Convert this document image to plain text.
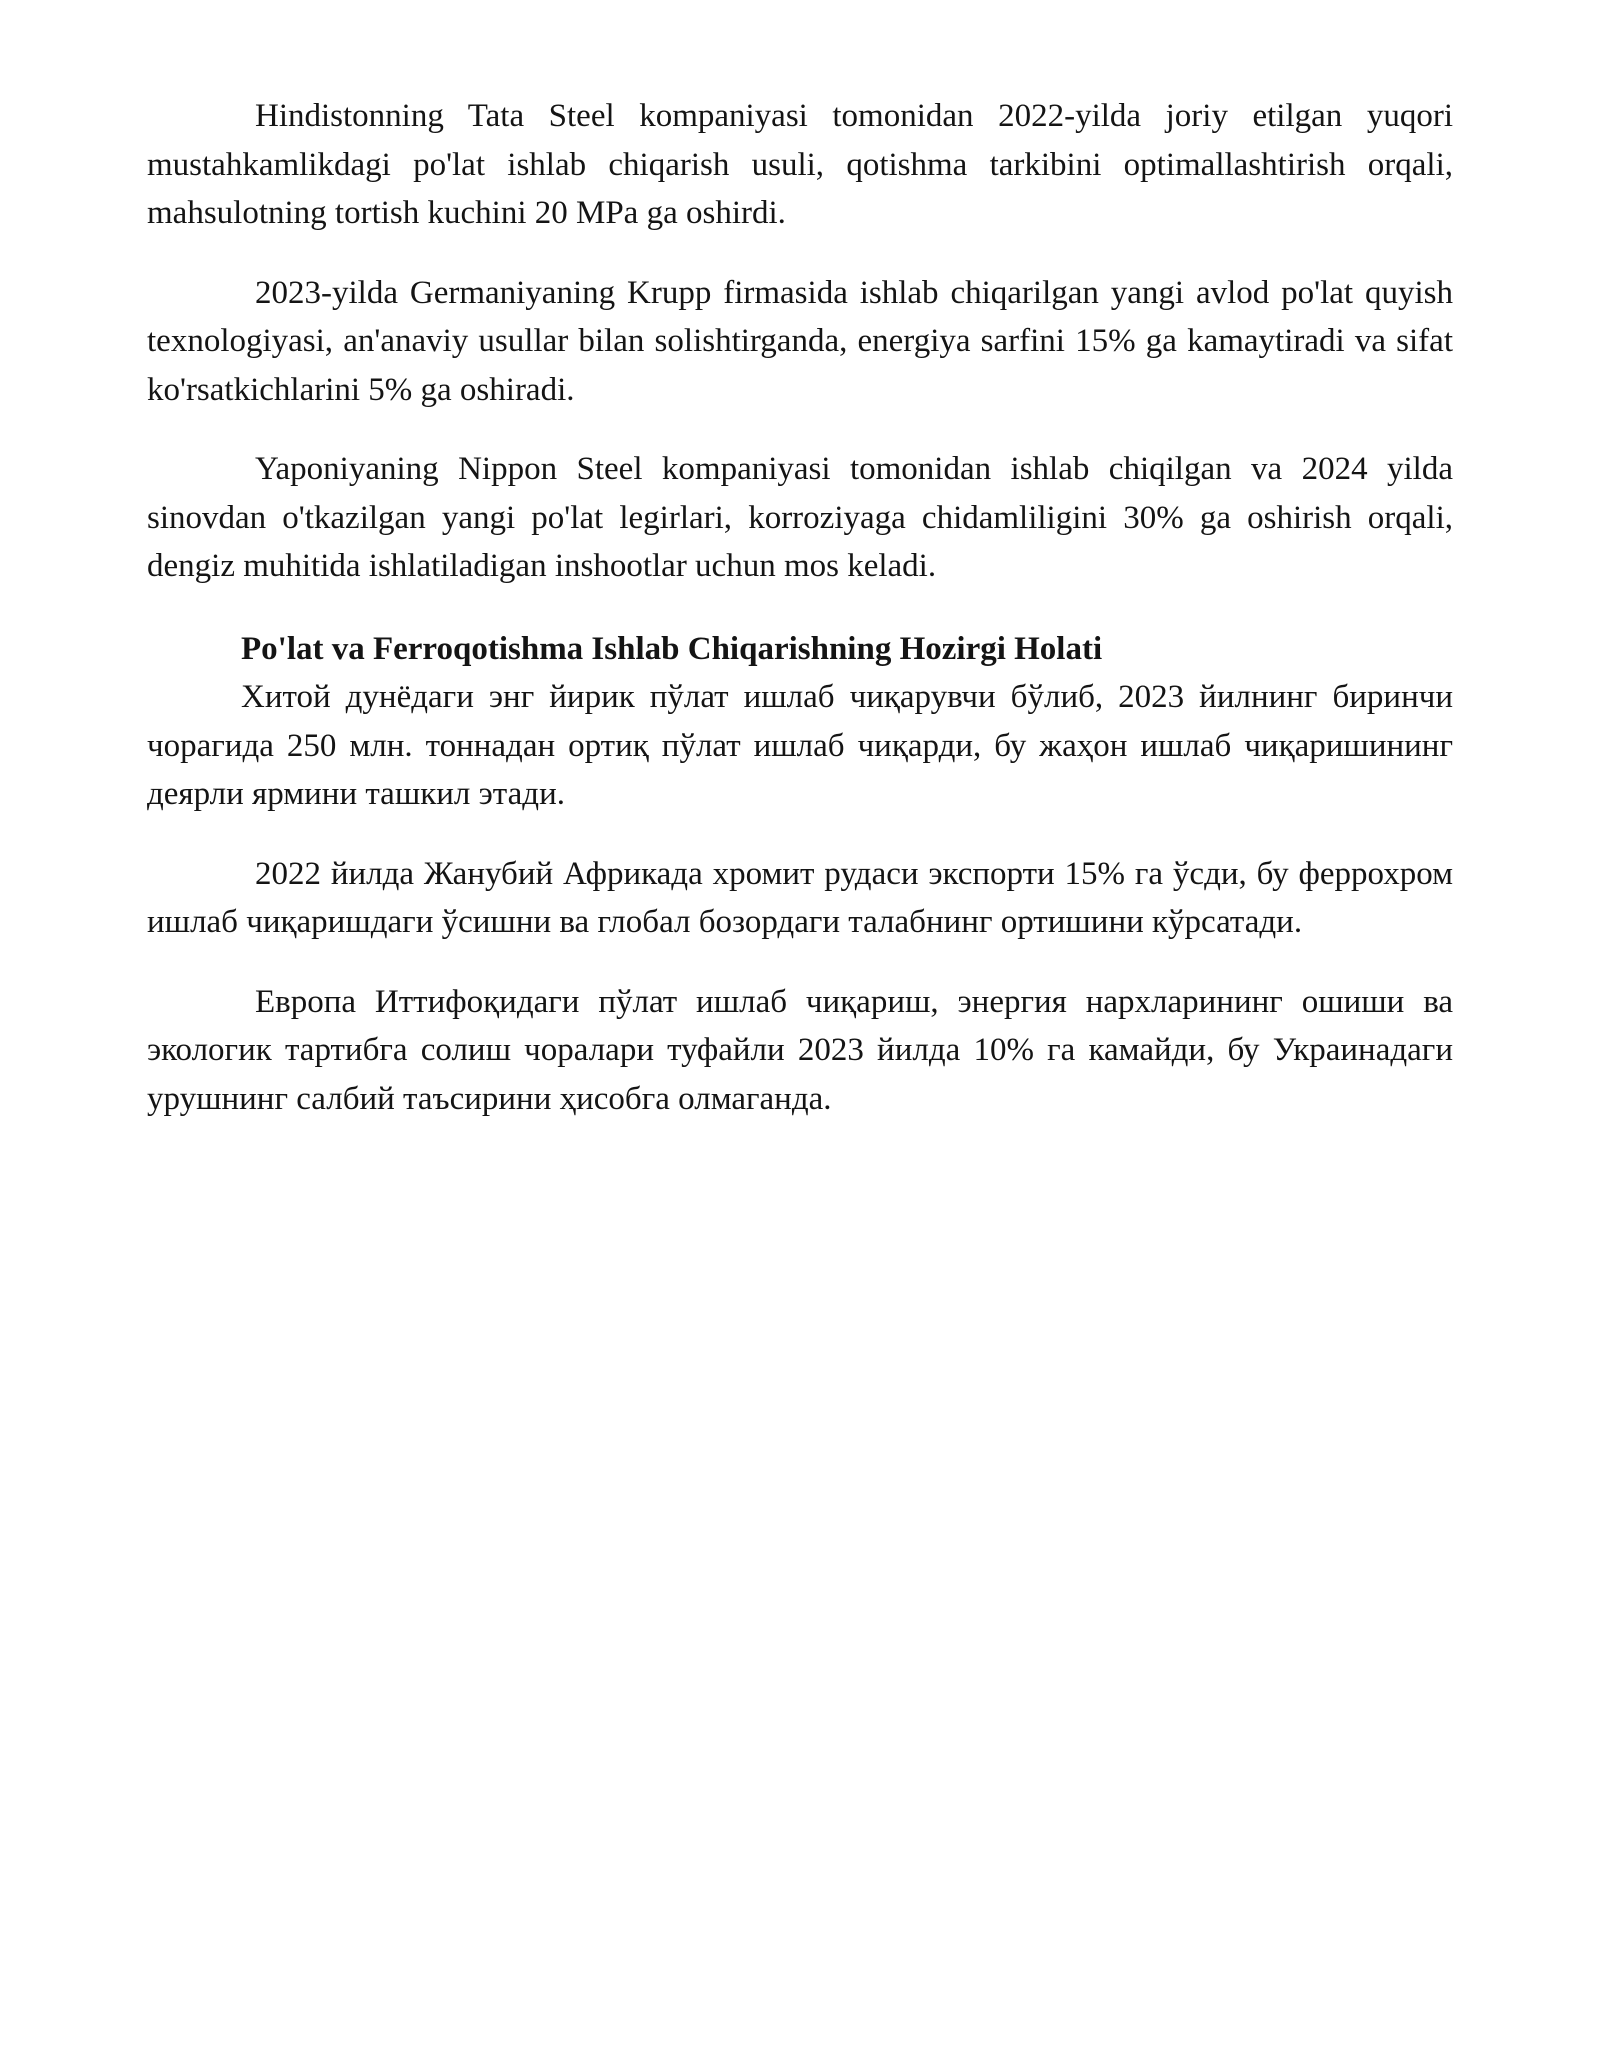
Hindistonning Tata Steel kompaniyasi tomonidan 2022-yilda joriy etilgan yuqori mustahkamlikdagi po'lat ishlab chiqarish usuli, qotishma tarkibini optimallashtirish orqali, mahsulotning tortish kuchini 20 MPa ga oshirdi.

2023-yilda Germaniyaning Krupp firmasida ishlab chiqarilgan yangi avlod po'lat quyish texnologiyasi, an'anaviy usullar bilan solishtirganda, energiya sarfini 15% ga kamaytiradi va sifat ko'rsatkichlarini 5% ga oshiradi.

Yaponiyaning Nippon Steel kompaniyasi tomonidan ishlab chiqilgan va 2024 yilda sinovdan o'tkazilgan yangi po'lat legirlari, korroziyaga chidamliligini 30% ga oshirish orqali, dengiz muhitida ishlatiladigan inshootlar uchun mos keladi.

Po'lat va Ferroqotishma Ishlab Chiqarishning Hozirgi Holati

Хитой дунёдаги энг йирик пўлат ишлаб чиқарувчи бўлиб, 2023 йилнинг биринчи чорагида 250 млн. тоннадан ортиқ пўлат ишлаб чиқарди, бу жаҳон ишлаб чиқаришининг деярли ярмини ташкил этади.

2022 йилда Жанубий Африкада хромит рудаси экспорти 15% га ўсди, бу феррохром ишлаб чиқаришдаги ўсишни ва глобал бозордаги талабнинг ортишини кўрсатади.

Европа Иттифоқидаги пўлат ишлаб чиқариш, энергия нархларининг ошиши ва экологик тартибга солиш чоралари туфайли 2023 йилда 10% га камайди, бу Украинадаги урушнинг салбий таъсирини ҳисобга олмаганда.
